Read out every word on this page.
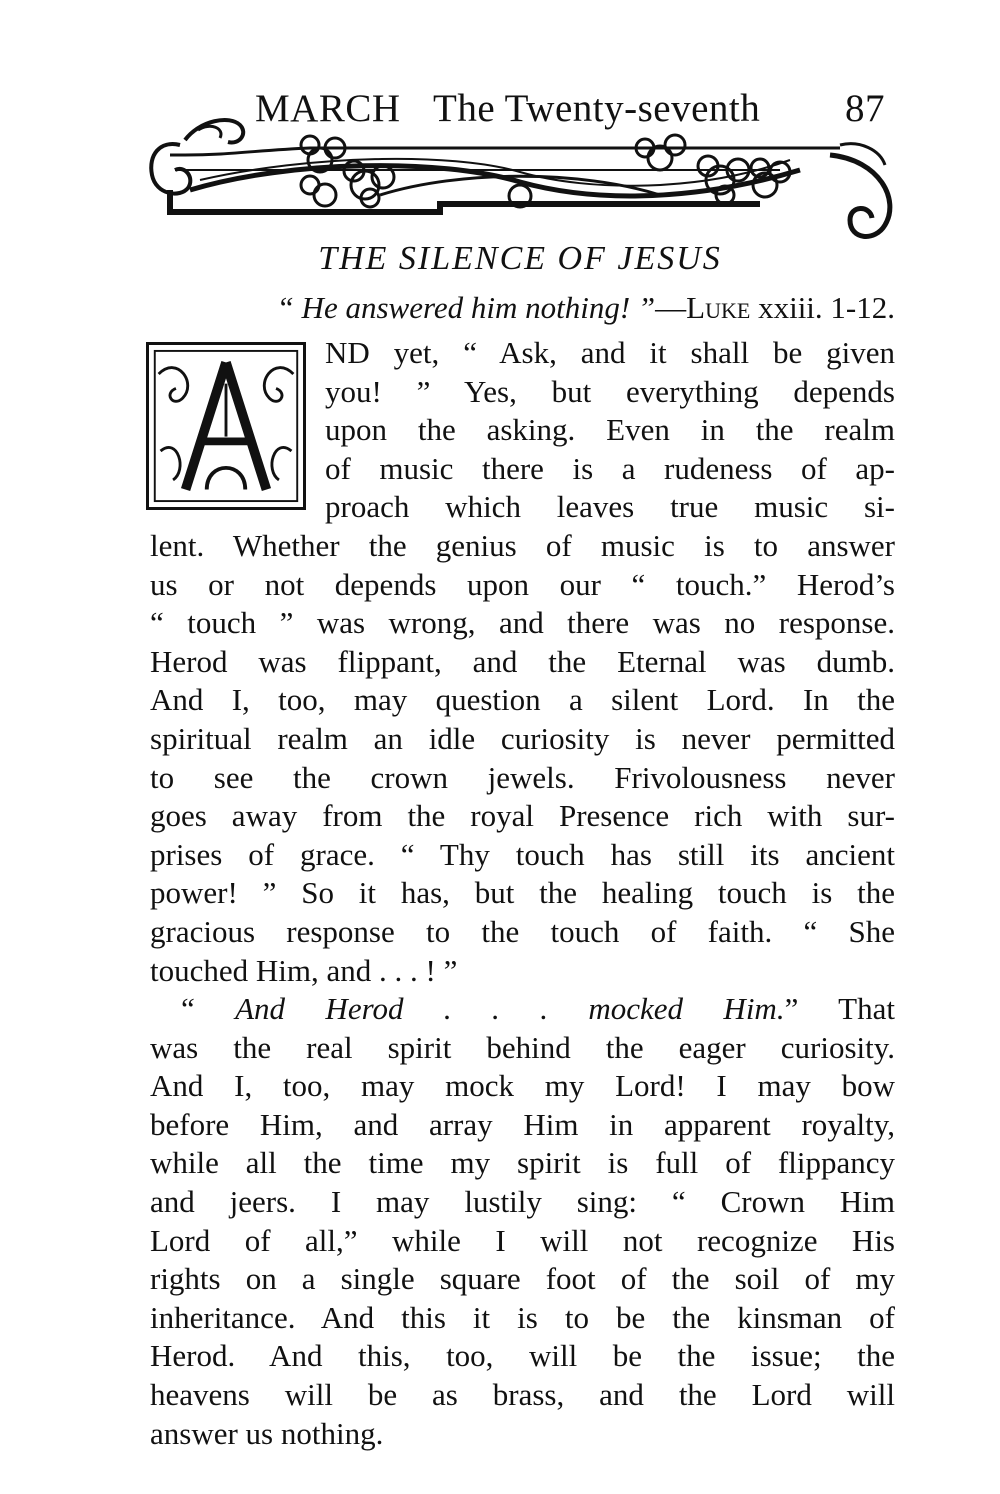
MARCH The Twenty-seventh 87
THE SILENCE OF JESUS
“ He answered him nothing! ”—Luke xxiii. 1-12.
A
ND yet, “ Ask, and it shall be given
you! ” Yes, but everything depends
upon the asking. Even in the realm
of music there is a rudeness of ap-
proach which leaves true music si-
lent. Whether the genius of music is to answer
us or not depends upon our “ touch.” Herod’s
“ touch ” was wrong, and there was no response.
Herod was flippant, and the Eternal was dumb.
And I, too, may question a silent Lord. In the
spiritual realm an idle curiosity is never permitted
to see the crown jewels. Frivolousness never
goes away from the royal Presence rich with sur-
prises of grace. “ Thy touch has still its ancient
power! ” So it has, but the healing touch is the
gracious response to the touch of faith. “ She
touched Him, and . . . ! ”
“ And Herod . . . mocked Him.” That
was the real spirit behind the eager curiosity.
And I, too, may mock my Lord! I may bow
before Him, and array Him in apparent royalty,
while all the time my spirit is full of flippancy
and jeers. I may lustily sing: “ Crown Him
Lord of all,” while I will not recognize His
rights on a single square foot of the soil of my
inheritance. And this it is to be the kinsman of
Herod. And this, too, will be the issue; the
heavens will be as brass, and the Lord will
answer us nothing.
